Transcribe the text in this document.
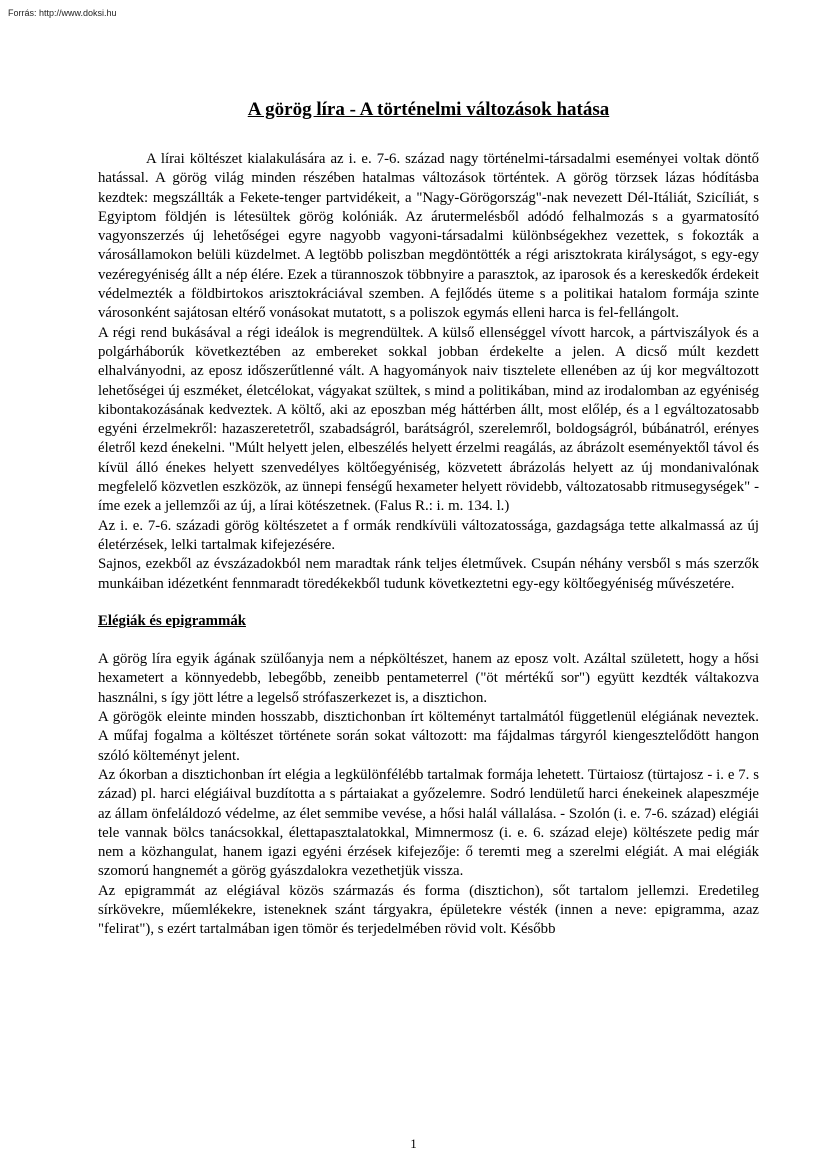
Forrás: http://www.doksi.hu
A görög líra - A történelmi változások hatása

A lírai költészet kialakulására az i. e. 7-6. század nagy történelmi-társadalmi eseményei voltak döntő hatással. A görög világ minden részében hatalmas változások történtek. A görög törzsek lázas hódításba kezdtek: megszállták a Fekete-tenger partvidékeit, a "Nagy-Görögország"-nak nevezett Dél-Itáliát, Szicíliát, s Egyiptom földjén is létesültek görög kolóniák. Az árutermelésből adódó felhalmozás s a gyarmatosító vagyonszerzés új lehetőségei egyre nagyobb vagyoni-társadalmi különbségekhez vezettek, s fokozták a városállamokon belüli küzdelmet. A legtöbb poliszban megdöntötték a régi arisztokrata királyságot, s egy-egy vezéregyéniség állt a nép élére. Ezek a türannoszok többnyire a parasztok, az iparosok és a kereskedők érdekeit védelmezték a földbirtokos arisztokráciával szemben. A fejlődés üteme s a politikai hatalom formája szinte városonként sajátosan eltérő vonásokat mutatott, s a poliszok egymás elleni harca is fel-fellángolt.

A régi rend bukásával a régi ideálok is megrendültek. A külső ellenséggel vívott harcok, a pártviszályok és a polgárháborúk következtében az embereket sokkal jobban érdekelte a jelen. A dicső múlt kezdett elhalványodni, az eposz időszerűtlenné vált. A hagyományok naiv tisztelete ellenében az új kor megváltozott lehetőségei új eszméket, életcélokat, vágyakat szültek, s mind a politikában, mind az irodalomban az egyéniség kibontakozásának kedveztek. A költő, aki az eposzban még háttérben állt, most előlép, és a l egváltozatosabb egyéni érzelmekről: hazaszeretetről, szabadságról, barátságról, szerelemről, boldogságról, búbánatról, erényes életről kezd énekelni. "Múlt helyett jelen, elbeszélés helyett érzelmi reagálás, az ábrázolt eseményektől távol és kívül álló énekes helyett szenvedélyes költőegyéniség, közvetett ábrázolás helyett az új mondanivalónak megfelelő közvetlen eszközök, az ünnepi fenségű hexameter helyett rövidebb, változatosabb ritmusegységek" - íme ezek a jellemzői az új, a lírai kötészetnek. (Falus R.: i. m. 134. l.)

Az i. e. 7-6. századi görög költészetet a f ormák rendkívüli változatossága, gazdagsága tette alkalmassá az új életérzések, lelki tartalmak kifejezésére.

Sajnos, ezekből az évszázadokból nem maradtak ránk teljes életművek. Csupán néhány versből s más szerzők munkáiban idézetként fennmaradt töredékekből tudunk következtetni egy-egy költőegyéniség művészetére.

Elégiák és epigrammák

A görög líra egyik ágának szülőanyja nem a népköltészet, hanem az eposz volt. Azáltal született, hogy a hősi hexametert a könnyedebb, lebegőbb, zeneibb pentameterrel ("öt mértékű sor") együtt kezdték váltakozva használni, s így jött létre a legelső strófaszerkezet is, a disztichon.

A görögök eleinte minden hosszabb, disztichonban írt költeményt tartalmától függetlenül elégiának neveztek. A műfaj fogalma a költészet története során sokat változott: ma fájdalmas tárgyról kiengesztelődött hangon szóló költeményt jelent.

Az ókorban a disztichonban írt elégia a legkülönfélébb tartalmak formája lehetett. Türtaiosz (türtajosz - i. e 7. s zázad) pl. harci elégiáival buzdította a s pártaiakat a győzelemre. Sodró lendületű harci énekeinek alapeszméje az állam önfeláldozó védelme, az élet semmibe vevése, a hősi halál vállalása. - Szolón (i. e. 7-6. század) elégiái tele vannak bölcs tanácsokkal, élettapasztalatokkal, Mimnermosz (i. e. 6. század eleje) költészete pedig már nem a közhangulat, hanem igazi egyéni érzések kifejezője: ő teremti meg a szerelmi elégiát. A mai elégiák szomorú hangnemét a görög gyászdalokra vezethetjük vissza.

Az epigrammát az elégiával közös származás és forma (disztichon), sőt tartalom jellemzi. Eredetileg sírkövekre, műemlékekre, isteneknek szánt tárgyakra, épületekre vésték (innen a neve: epigramma, azaz "felirat"), s ezért tartalmában igen tömör és terjedelmében rövid volt. Később

1
